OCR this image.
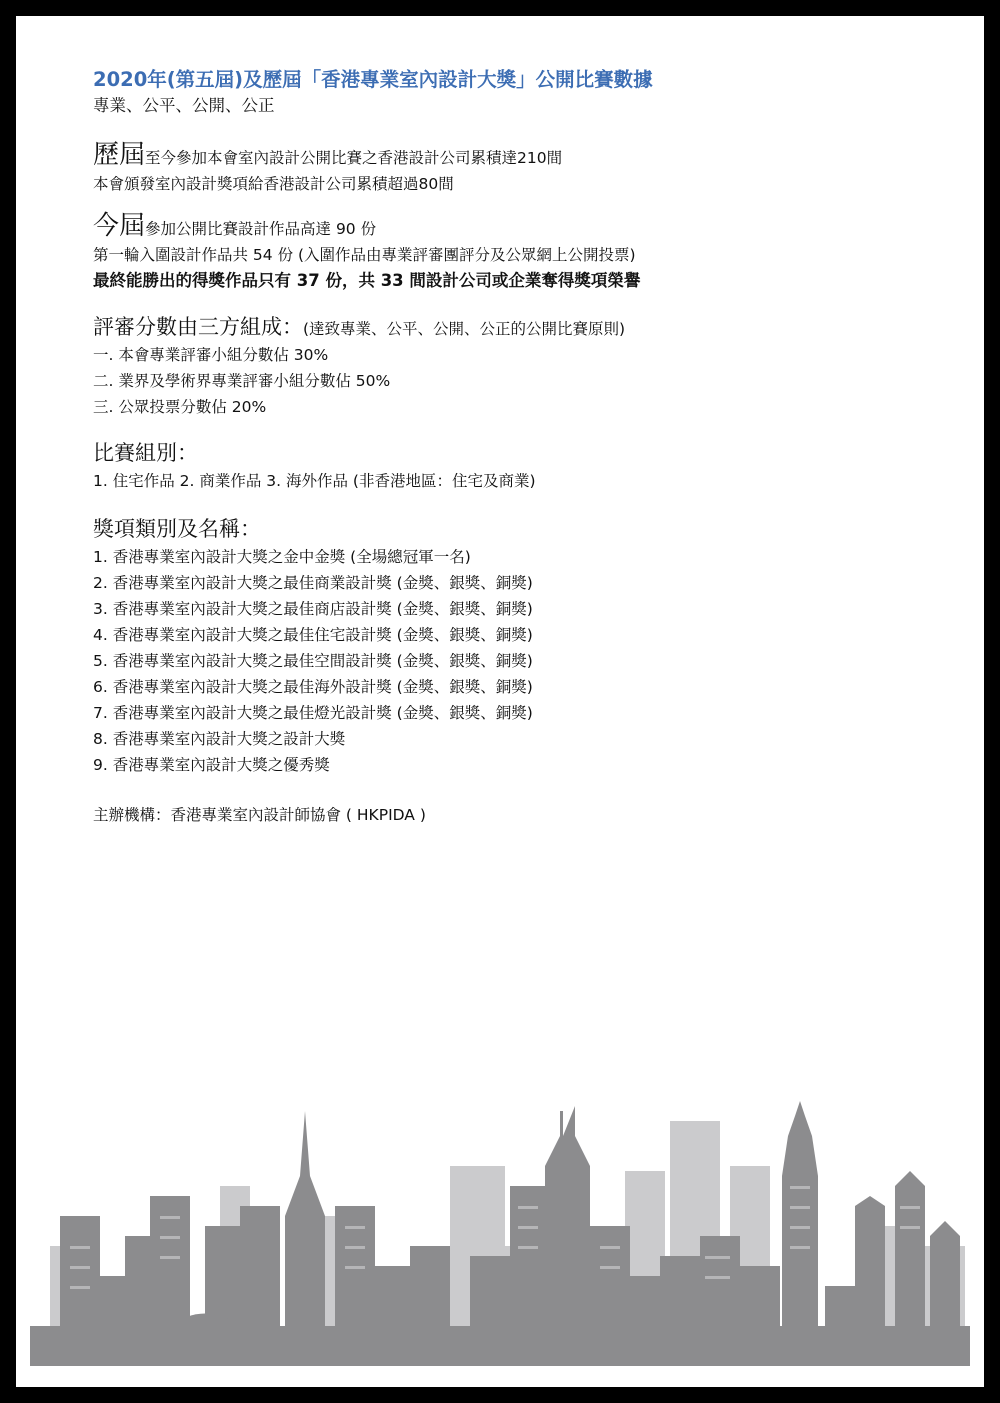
2020年(第五屆)及歷屆「香港專業室內設計大獎」公開比賽數據
專業、公平、公開、公正
歷屆至今參加本會室內設計公開比賽之香港設計公司累積達210間
本會頒發室內設計獎項給香港設計公司累積超過80間
今屆參加公開比賽設計作品高達 90 份
第一輪入圍設計作品共 54 份 (入圍作品由專業評審團評分及公眾網上公開投票)
最終能勝出的得獎作品只有 37 份，共 33 間設計公司或企業奪得獎項榮譽
評審分數由三方組成：(達致專業、公平、公開、公正的公開比賽原則)
一. 本會專業評審小組分數佔 30%
二. 業界及學術界專業評審小組分數佔 50%
三. 公眾投票分數佔 20%
比賽組別：
1. 住宅作品 2. 商業作品 3. 海外作品 (非香港地區：住宅及商業)
獎項類別及名稱：
1. 香港專業室內設計大獎之金中金獎 (全場總冠軍一名)
2. 香港專業室內設計大獎之最佳商業設計獎 (金獎、銀獎、銅獎)
3. 香港專業室內設計大獎之最佳商店設計獎 (金獎、銀獎、銅獎)
4. 香港專業室內設計大獎之最佳住宅設計獎 (金獎、銀獎、銅獎)
5. 香港專業室內設計大獎之最佳空間設計獎 (金獎、銀獎、銅獎)
6. 香港專業室內設計大獎之最佳海外設計獎 (金獎、銀獎、銅獎)
7. 香港專業室內設計大獎之最佳燈光設計獎 (金獎、銀獎、銅獎)
8. 香港專業室內設計大獎之設計大獎
9. 香港專業室內設計大獎之優秀獎
主辦機構：香港專業室內設計師協會 ( HKPIDA )
